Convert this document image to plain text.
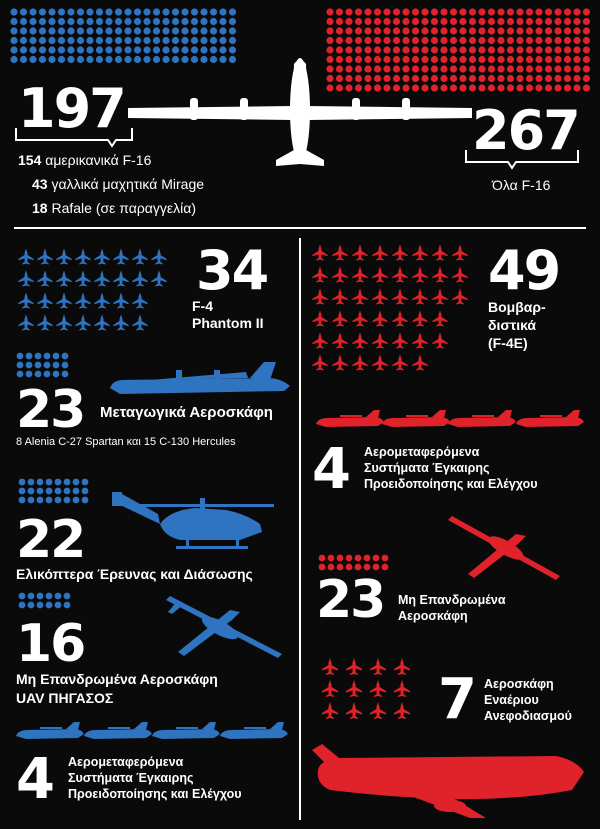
197	267
154 αμερικανικά F-16
43 γαλλικά μαχητικά Mirage
18 Rafale (σε παραγγελία)
Όλα F-16
34
F-4
Phantom II
23 Μεταγωγικά Αεροσκάφη
8 Alenia C-27 Spartan και 15 C-130 Hercules
22
Ελικόπτερα Έρευνας και Διάσωσης
16
Μη Επανδρωμένα Αεροσκάφη
UAV ΠΗΓΑΣΟΣ
4 Αερομεταφερόμενα
Συστήματα Έγκαιρης
Προειδοποίησης και Ελέγχου
49
Βομβαρ-
διστικά
(F-4E)
4 Αερομεταφερόμενα
Συστήματα Έγκαιρης
Προειδοποίησης και Ελέγχου
23 Μη Επανδρωμένα
Αεροσκάφη
7 Αεροσκάφη
Εναέριου
Ανεφοδιασμού
